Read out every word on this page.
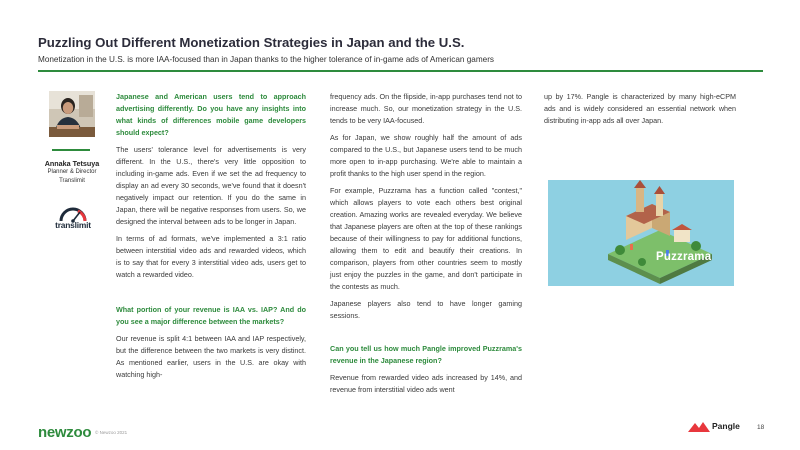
Puzzling Out Different Monetization Strategies in Japan and the U.S.
Monetization in the U.S. is more IAA-focused than in Japan thanks to the higher tolerance of in-game ads of American gamers
Annaka Tetsuya
Planner & Director
Translimit
translimit

Japanese and American users tend to approach advertising differently. Do you have any insights into what kinds of differences mobile game developers should expect?

The users' tolerance level for advertisements is very different. In the U.S., there's very little opposition to including in-game ads. Even if we set the ad frequency to display an ad every 30 seconds, we've found that it doesn't negatively impact our retention. If you do the same in Japan, there will be negative responses from users. So, we designed the interval between ads to be longer in Japan.

In terms of ad formats, we've implemented a 3:1 ratio between interstitial video ads and rewarded videos, which is to say that for every 3 interstitial video ads, users get to watch a rewarded video.

What portion of your revenue is IAA vs. IAP? And do you see a major difference between the markets?

Our revenue is split 4:1 between IAA and IAP respectively, but the difference between the two markets is very distinct. As mentioned earlier, users in the U.S. are okay with watching high-

frequency ads. On the flipside, in-app purchases tend not to increase much. So, our monetization strategy in the U.S. tends to be very IAA-focused.

As for Japan, we show roughly half the amount of ads compared to the U.S., but Japanese users tend to be much more open to in-app purchasing. We're able to maintain a profit thanks to the high user spend in the region.

For example, Puzzrama has a function called "contest," which allows players to vote each others best original creation. Amazing works are revealed everyday. We believe that Japanese players are often at the top of these rankings because of their willingness to pay for additional functions, allowing them to edit and beautify their creations. In comparison, players from other countries seem to mostly just enjoy the puzzles in the game, and don't participate in the contests as much.

Japanese players also tend to have longer gaming sessions.

Can you tell us how much Pangle improved Puzzrama's revenue in the Japanese region?

Revenue from rewarded video ads increased by 14%, and revenue from interstitial video ads went

up by 17%. Pangle is characterized by many high-eCPM ads and is widely considered an essential network when distributing in-app ads all over Japan.

Puzzrama
newzoo © Newzoo 2021
Pangle	18
